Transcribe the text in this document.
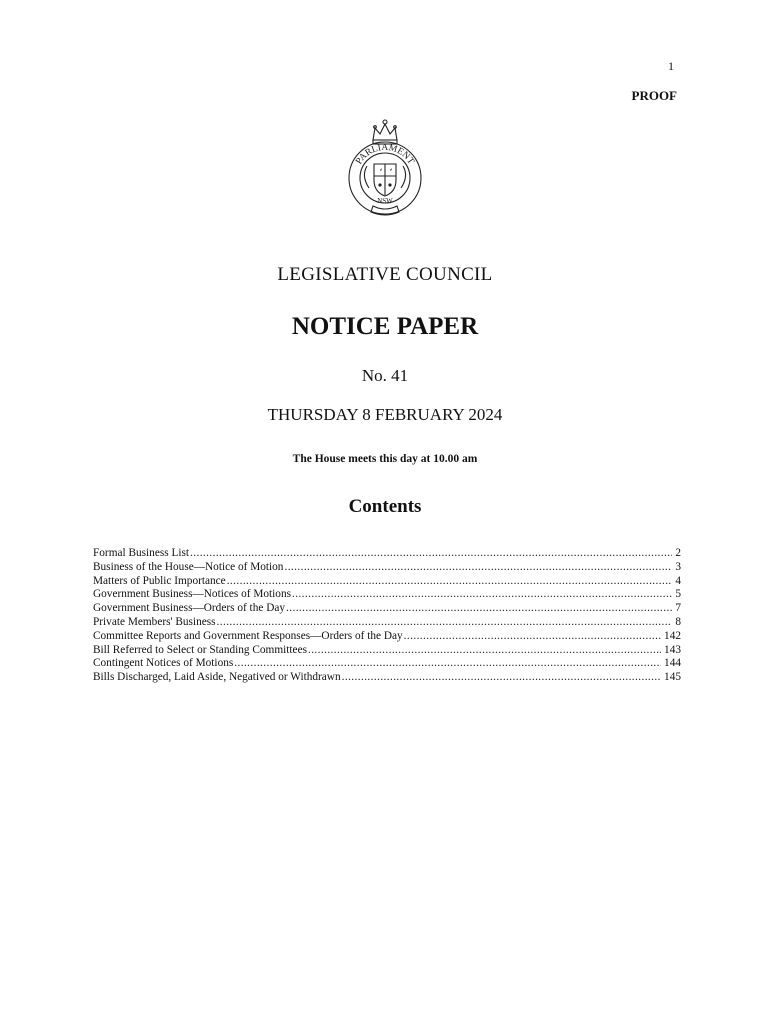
1
PROOF
PARLIAMENT
NSW
LEGISLATIVE COUNCIL
NOTICE PAPER
No. 41
THURSDAY 8 FEBRUARY 2024
The House meets this day at 10.00 am
Contents
Formal Business List .....	2
Business of the House—Notice of Motion .....	3
Matters of Public Importance .....	4
Government Business—Notices of Motions .....	5
Government Business—Orders of the Day .....	7
Private Members' Business .....	8
Committee Reports and Government Responses—Orders of the Day .....	142
Bill Referred to Select or Standing Committees .....	143
Contingent Notices of Motions .....	144
Bills Discharged, Laid Aside, Negatived or Withdrawn .....	145
